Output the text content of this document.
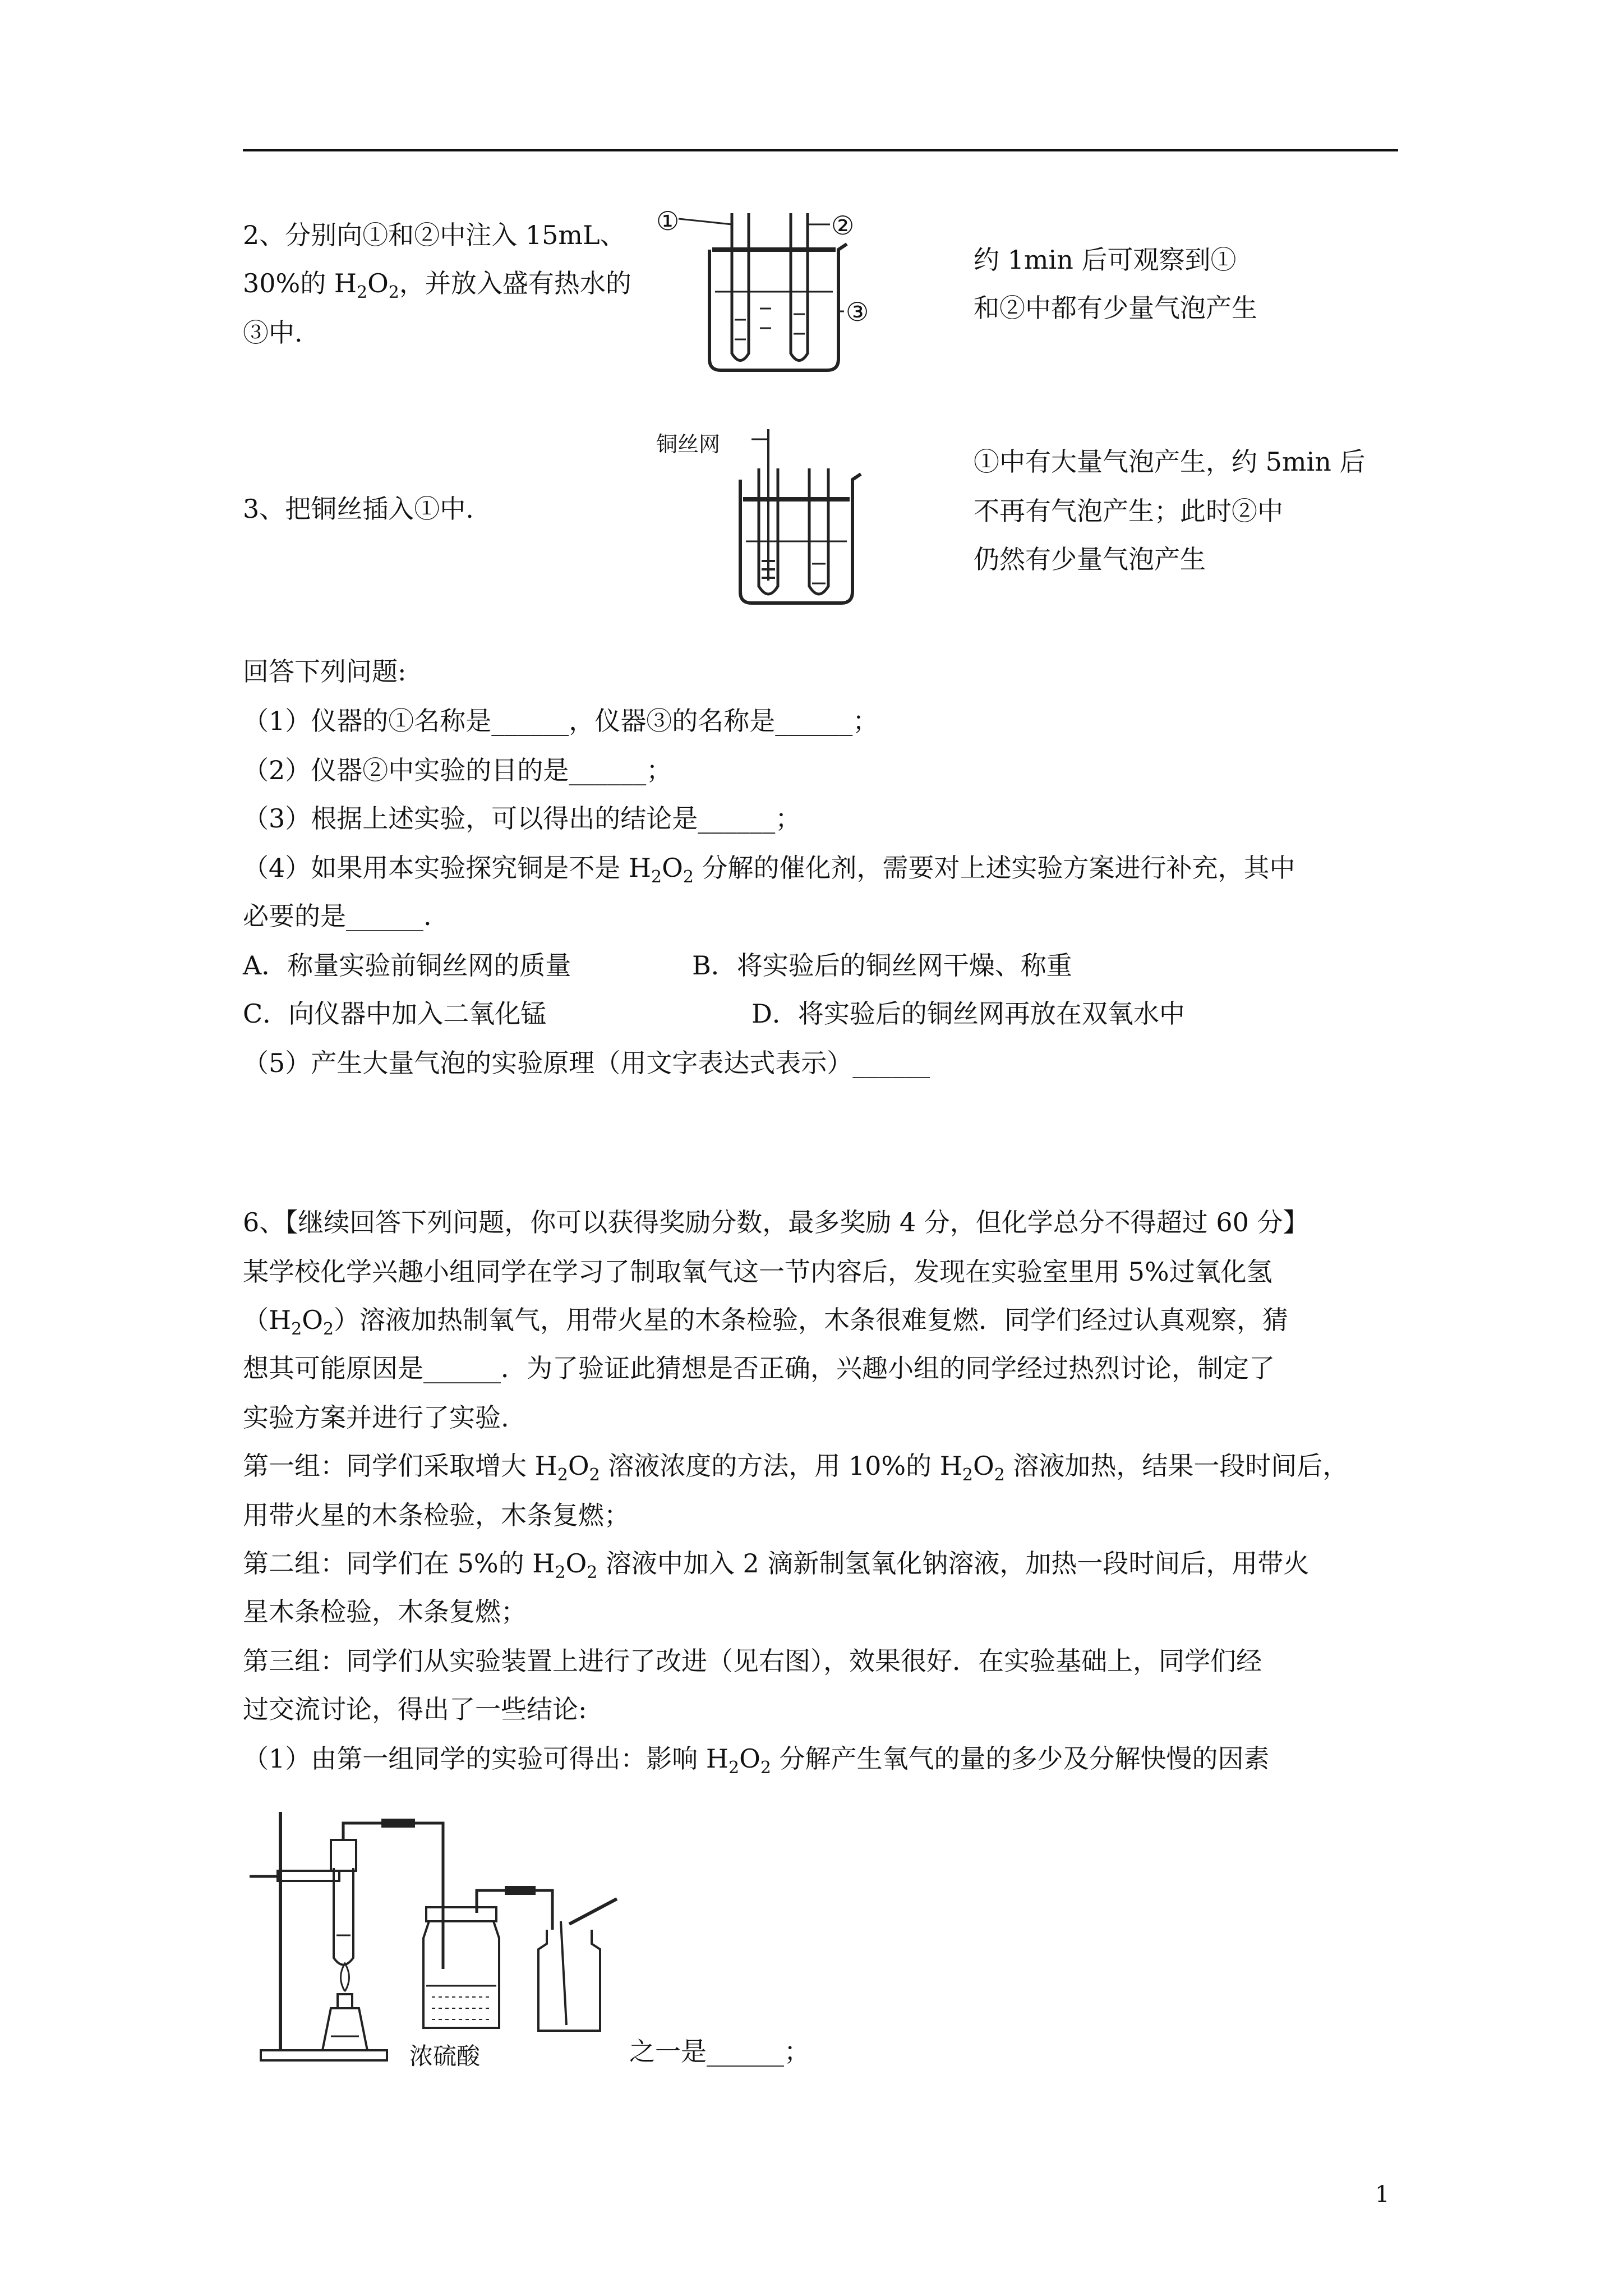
2、分别向①和②中注入 15mL、
30%的 $H_2O_2$，并放入盛有热水的
③中.
①	②
③
约 1min 后可观察到①
和②中都有少量气泡产生
3、把铜丝插入①中.
铜丝网
①中有大量气泡产生，约 5min 后
不再有气泡产生；此时②中
仍然有少量气泡产生
回答下列问题:
（1）仪器的①名称是______，仪器③的名称是______；
（2）仪器②中实验的目的是______；
（3）根据上述实验，可以得出的结论是______；
（4）如果用本实验探究铜是不是 $H_2O_2$ 分解的催化剂，需要对上述实验方案进行补充，其中
必要的是______.
A．称量实验前铜丝网的质量	B．将实验后的铜丝网干燥、称重
C．向仪器中加入二氧化锰	D．将实验后的铜丝网再放在双氧水中
（5）产生大量气泡的实验原理（用文字表达式表示）______
6、【继续回答下列问题，你可以获得奖励分数，最多奖励 4 分，但化学总分不得超过 60 分】
某学校化学兴趣小组同学在学习了制取氧气这一节内容后，发现在实验室里用 5%过氧化氢
$(H_2O_2)$溶液加热制氧气，用带火星的木条检验，木条很难复燃．同学们经过认真观察，猜
想其可能原因是______．为了验证此猜想是否正确，兴趣小组的同学经过热烈讨论，制定了
实验方案并进行了实验.
第一组：同学们采取增大 $H_2O_2$ 溶液浓度的方法，用 10%的 $H_2O_2$ 溶液加热，结果一段时间后，
用带火星的木条检验，木条复燃；
第二组：同学们在 5%的 $H_2O_2$ 溶液中加入 2 滴新制氢氧化钠溶液，加热一段时间后，用带火
星木条检验，木条复燃；
第三组：同学们从实验装置上进行了改进（见右图），效果很好．在实验基础上，同学们经
过交流讨论，得出了一些结论:
（1）由第一组同学的实验可得出：影响 $H_2O_2$ 分解产生氧气的量的多少及分解快慢的因素
浓硫酸	之一是______；
1
